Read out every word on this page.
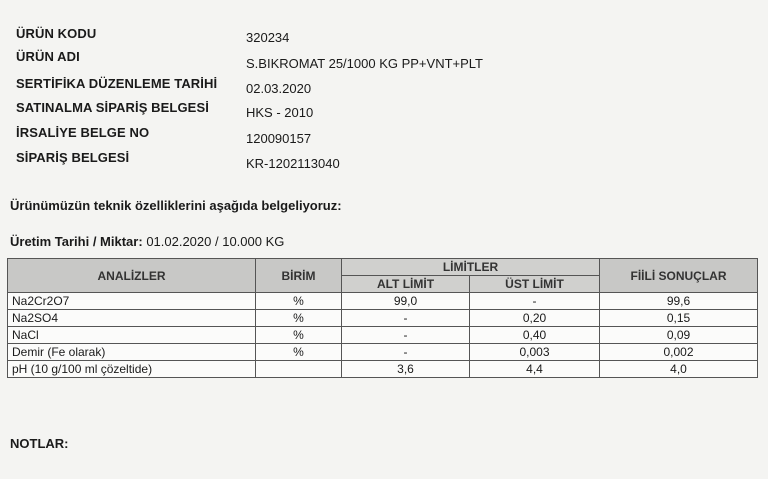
ÜRÜN KODU	320234
ÜRÜN ADI	S.BIKROMAT 25/1000 KG PP+VNT+PLT
SERTİFİKA DÜZENLEME TARİHİ 02.03.2020
SATINALMA SİPARİŞ BELGESİ	HKS - 2010
İRSALİYE BELGE NO	120090157
SİPARİŞ BELGESİ	KR-1202113040
Ürünümüzün teknik özelliklerini aşağıda belgeliyoruz:
Üretim Tarihi / Miktar: 01.02.2020 / 10.000 KG
ANALİZLER	BİRİM	LİMİTLER		FİİLİ SONUÇLAR
		ALT LİMİT	ÜST LİMİT	
Na2Cr2O7	%	99,0	-	99,6
Na2SO4	%	-	0,20	0,15
NaCl	%	-	0,40	0,09
Demir (Fe olarak)	%	-	0,003	0,002
pH (10 g/100 ml çözeltide)		3,6	4,4	4,0
NOTLAR:
